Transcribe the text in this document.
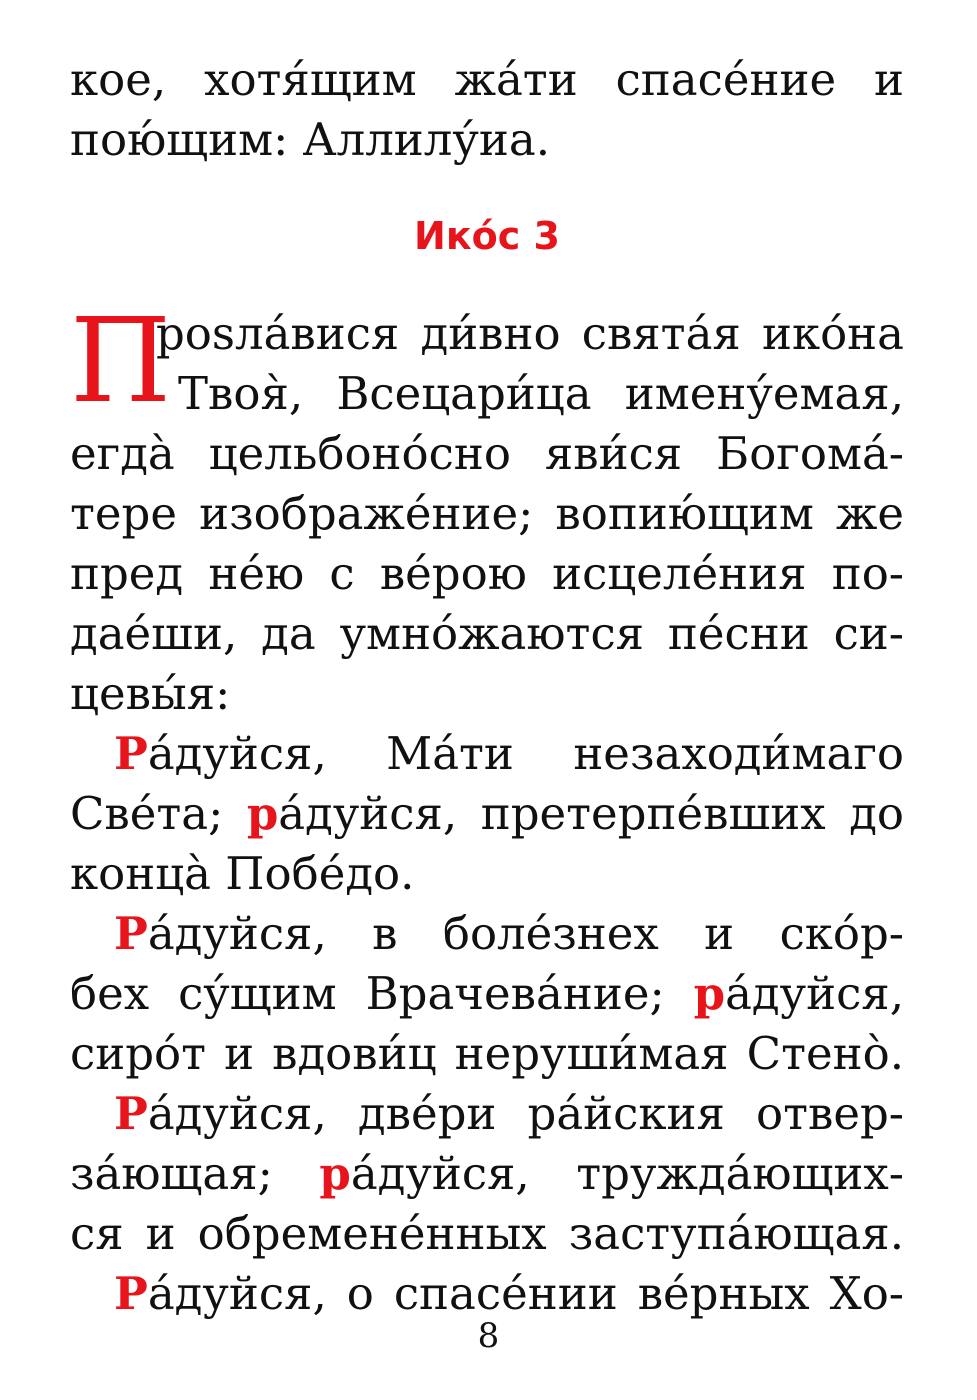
кое, хотя́щим жа́ти спасе́ние и
пою́щим: Аллилу́иа.
Ико́с 3
П
рosла́вися ди́вно свята́я ико́на
Твоя̀, Всецари́ца имену́емая,
егда̀ цельбоно́сно яви́ся Богома́-
тере изображе́ние; вопию́щим же
пред не́ю с ве́рою исцеле́ния по-
дае́ши, да умно́жаются пе́сни си-
цевы́я:
Ра́дуйся, Ма́ти незаходи́маго
Све́та; ра́дуйся, претерпе́вших до
конца̀ Побе́до.
Ра́дуйся, в боле́знех и ско́р-
бех су́щим Врачева́ние; ра́дуйся,
сиро́т и вдови́ц неруши́мая Стено̀.
Ра́дуйся, две́ри ра́йския отвер-
за́ющая; ра́дуйся, тружда́ющих-
ся и обремене́нных заступа́ющая.
Ра́дуйся, о спасе́нии ве́рных Хо-
8
